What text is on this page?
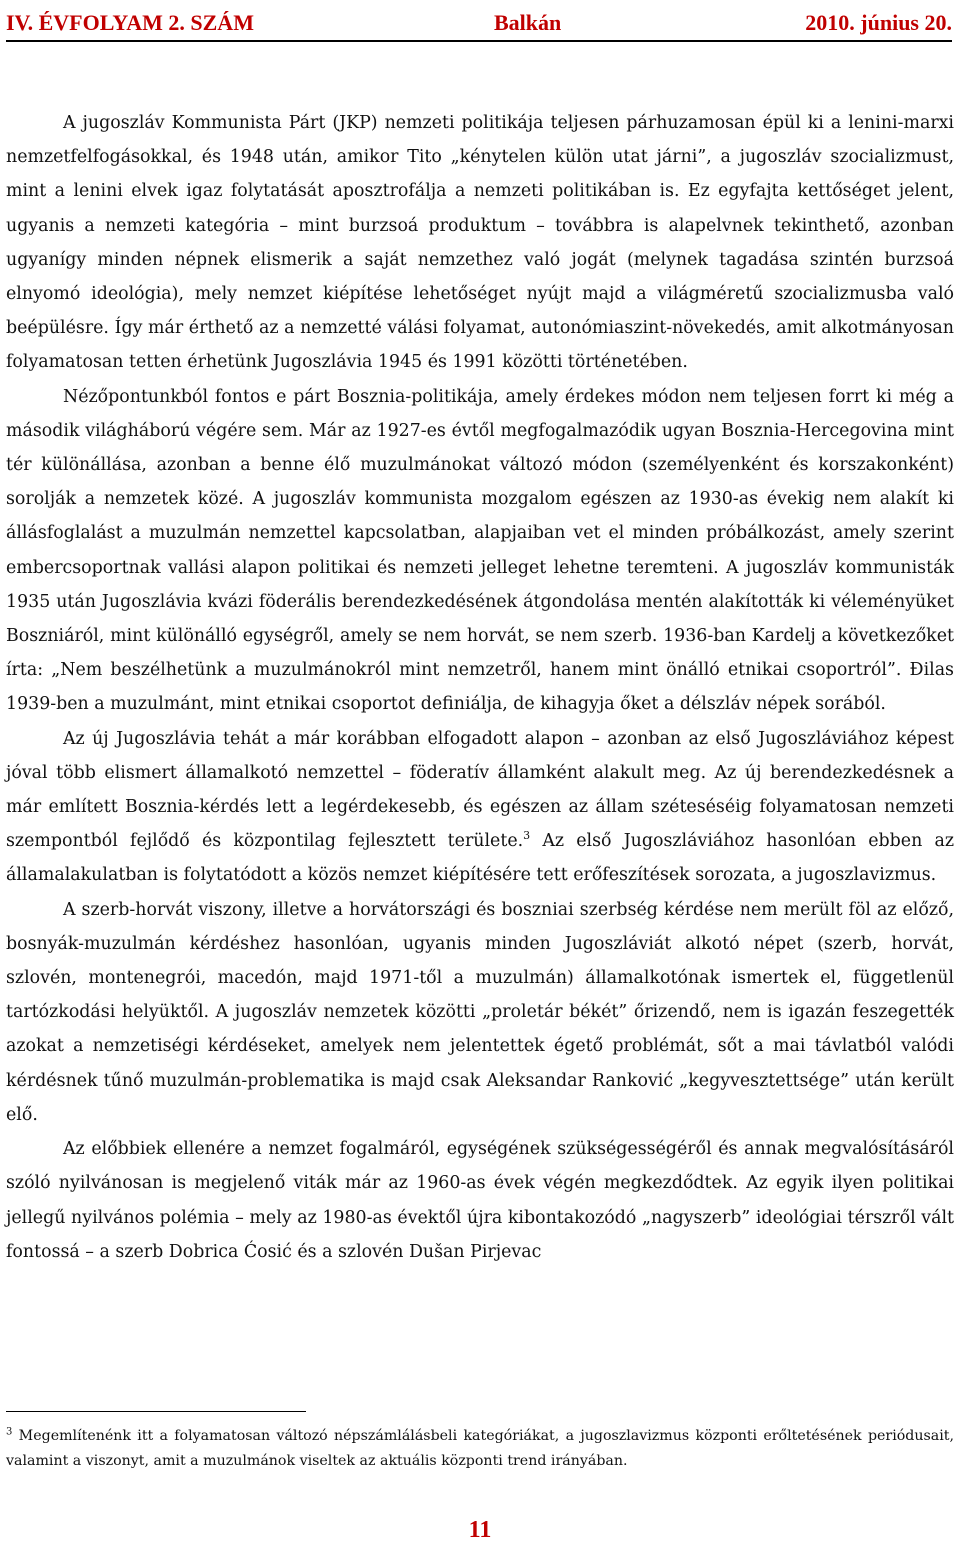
IV. ÉVFOLYAM 2. SZÁM	Balkán	2010. június 20.

A jugoszláv Kommunista Párt (JKP) nemzeti politikája teljesen párhuzamosan épül ki a lenini-marxi nemzetfelfogásokkal, és 1948 után, amikor Tito „kénytelen külön utat járni”, a jugoszláv szocializmust, mint a lenini elvek igaz folytatását aposztrofálja a nemzeti politikában is. Ez egyfajta kettőséget jelent, ugyanis a nemzeti kategória – mint burzsoá produktum – továbbra is alapelvnek tekinthető, azonban ugyanígy minden népnek elismerik a saját nemzethez való jogát (melynek tagadása szintén burzsoá elnyomó ideológia), mely nemzet kiépítése lehetőséget nyújt majd a világméretű szocializmusba való beépülésre. Így már érthető az a nemzetté válási folyamat, autonómiaszint-növekedés, amit alkotmányosan folyamatosan tetten érhetünk Jugoszlávia 1945 és 1991 közötti történetében.

Nézőpontunkból fontos e párt Bosznia-politikája, amely érdekes módon nem teljesen forrt ki még a második világháború végére sem. Már az 1927-es évtől megfogalmazódik ugyan Bosznia-Hercegovina mint tér különállása, azonban a benne élő muzulmánokat változó módon (személyenként és korszakonként) sorolják a nemzetek közé. A jugoszláv kommunista mozgalom egészen az 1930-as évekig nem alakít ki állásfoglalást a muzulmán nemzettel kapcsolatban, alapjaiban vet el minden próbálkozást, amely szerint embercsoportnak vallási alapon politikai és nemzeti jelleget lehetne teremteni. A jugoszláv kommunisták 1935 után Jugoszlávia kvázi föderális berendezkedésének átgondolása mentén alakították ki véleményüket Boszniáról, mint különálló egységről, amely se nem horvát, se nem szerb. 1936-ban Kardelj a következőket írta: „Nem beszélhetünk a muzulmánokról mint nemzetről, hanem mint önálló etnikai csoportról”. Đilas 1939-ben a muzulmánt, mint etnikai csoportot definiálja, de kihagyja őket a délszláv népek sorából.

Az új Jugoszlávia tehát a már korábban elfogadott alapon – azonban az első Jugoszláviához képest jóval több elismert államalkotó nemzettel – föderatív államként alakult meg. Az új berendezkedésnek a már említett Bosznia-kérdés lett a legérdekesebb, és egészen az állam széteséséig folyamatosan nemzeti szempontból fejlődő és központilag fejlesztett területe.$^3$ Az első Jugoszláviához hasonlóan ebben az államalakulatban is folytatódott a közös nemzet kiépítésére tett erőfeszítések sorozata, a jugoszlavizmus.

A szerb-horvát viszony, illetve a horvátországi és boszniai szerbség kérdése nem merült föl az előző, bosnyák-muzulmán kérdéshez hasonlóan, ugyanis minden Jugoszláviát alkotó népet (szerb, horvát, szlovén, montenegrói, macedón, majd 1971-től a muzulmán) államalkotónak ismertek el, függetlenül tartózkodási helyüktől. A jugoszláv nemzetek közötti „proletár békét” őrizendő, nem is igazán feszegették azokat a nemzetiségi kérdéseket, amelyek nem jelentettek égető problémát, sőt a mai távlatból valódi kérdésnek tűnő muzulmán-problematika is majd csak Aleksandar Ranković „kegyvesztettsége” után került elő.

Az előbbiek ellenére a nemzet fogalmáról, egységének szükségességéről és annak megvalósításáról szóló nyilvánosan is megjelenő viták már az 1960-as évek végén megkezdődtek. Az egyik ilyen politikai jellegű nyilvános polémia – mely az 1980-as évektől újra kibontakozódó „nagyszerb” ideológiai térszről vált fontossá – a szerb Dobrica Ćosić és a szlovén Dušan Pirjevac

$^3$ Megemlítenénk itt a folyamatosan változó népszámlálásbeli kategóriákat, a jugoszlavizmus központi erőltetésének periódusait, valamint a viszonyt, amit a muzulmánok viseltek az aktuális központi trend irányában.

11
